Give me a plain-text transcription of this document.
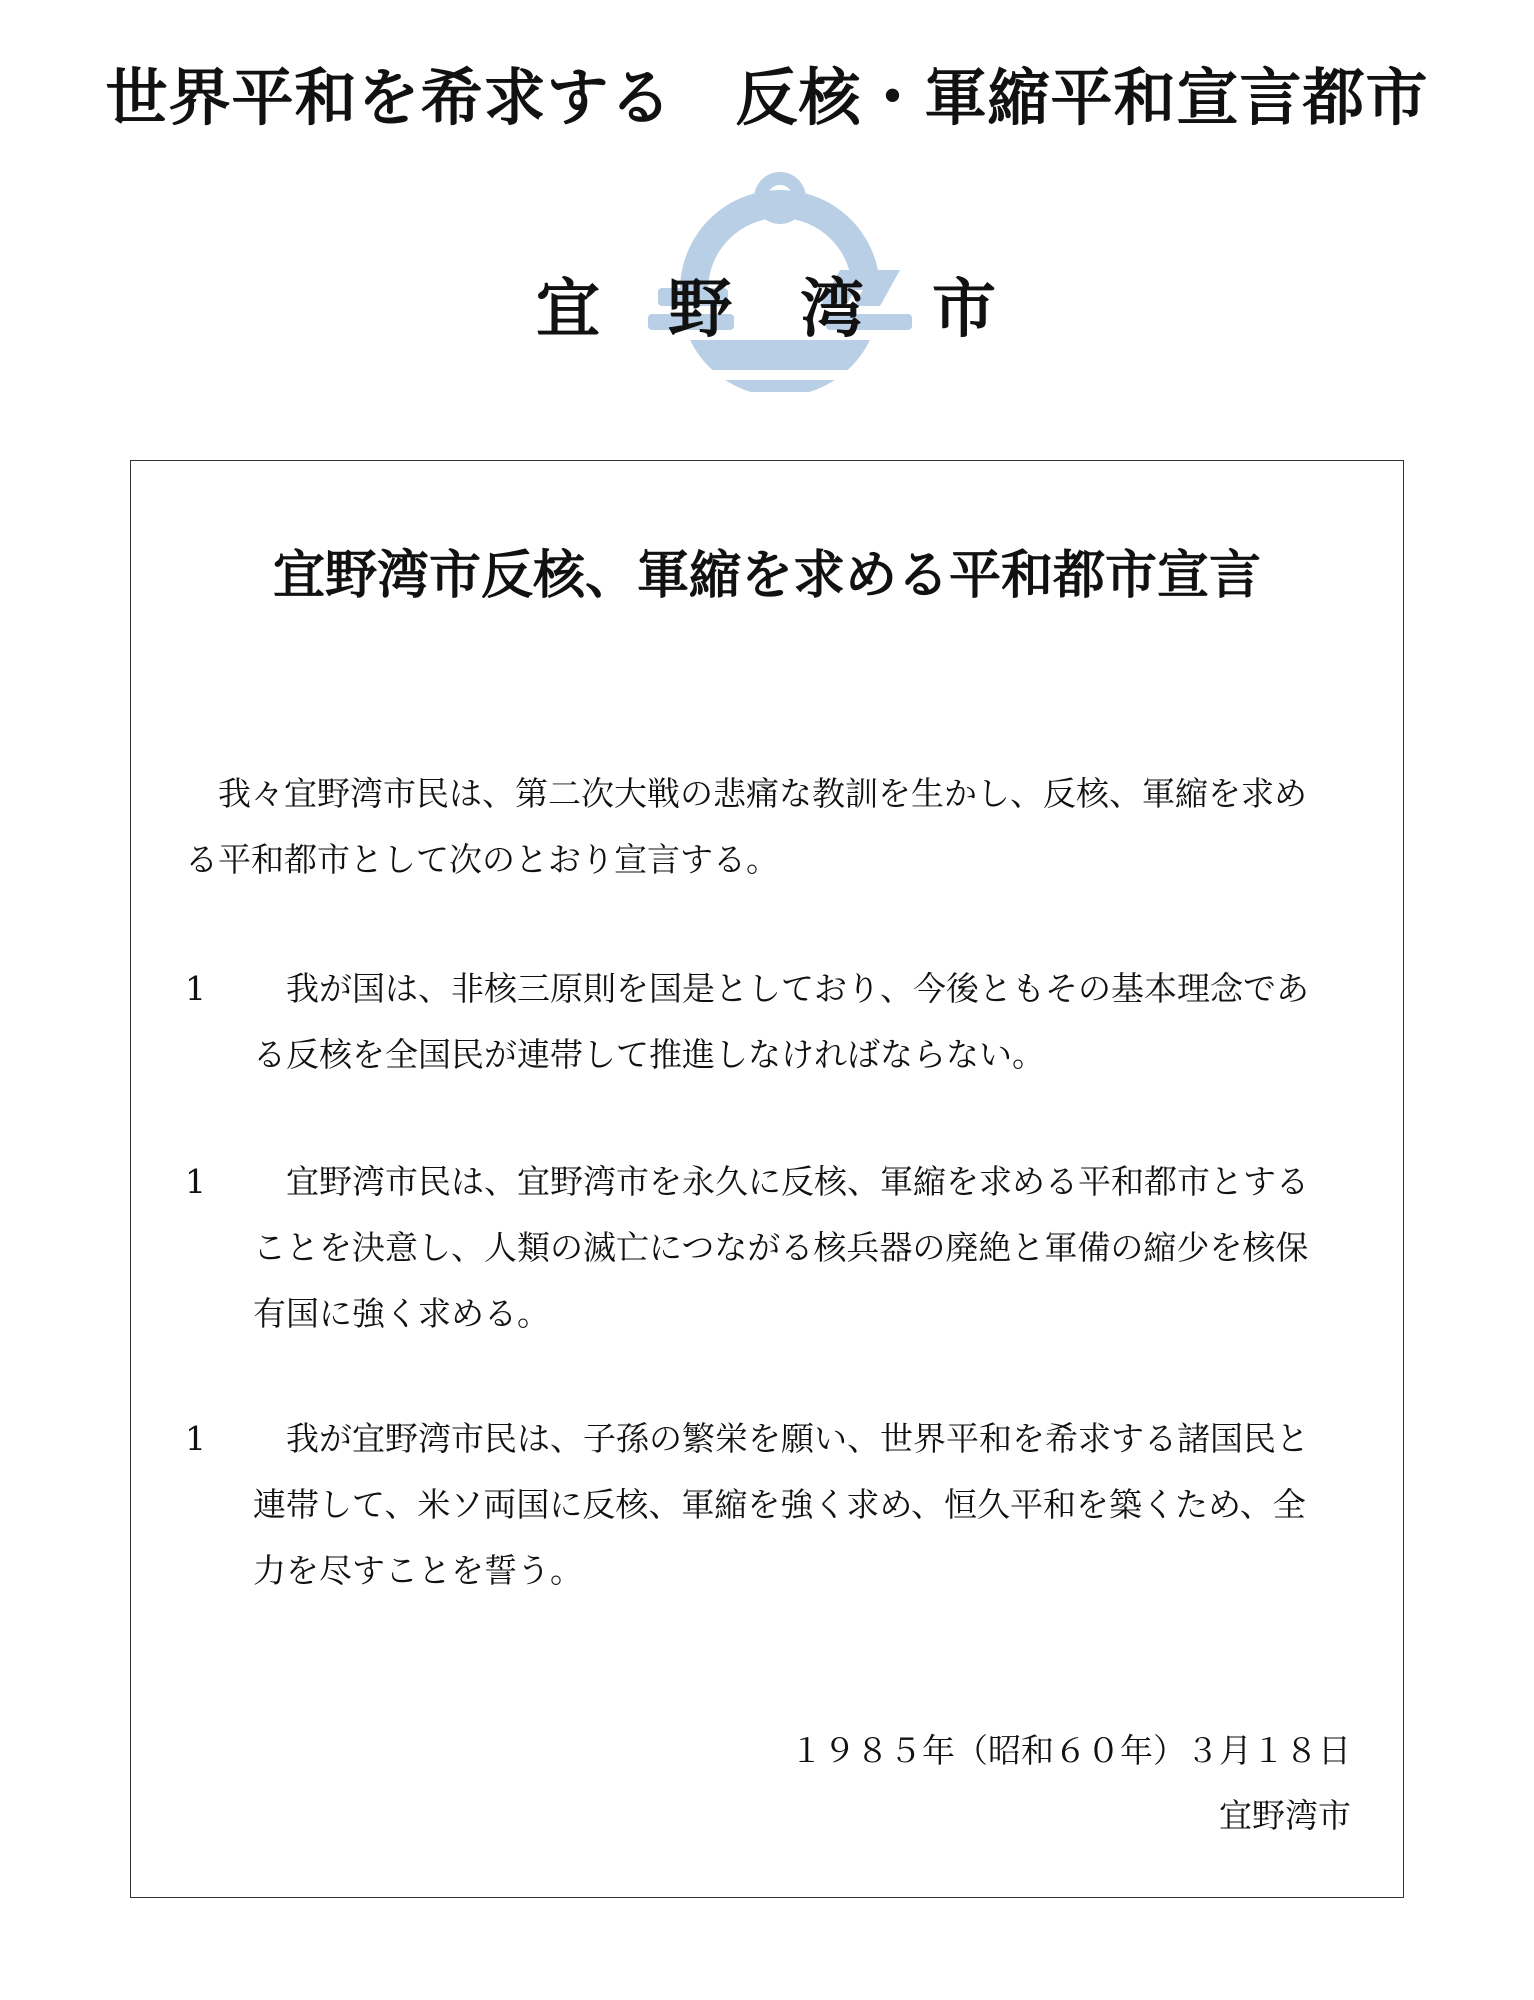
世界平和を希求する　反核・軍縮平和宣言都市
宜　野　湾　市
宜野湾市反核、軍縮を求める平和都市宣言

我々宜野湾市民は、第二次大戦の悲痛な教訓を生かし、反核、軍縮を求める平和都市として次のとおり宣言する。

1	我が国は、非核三原則を国是としており、今後ともその基本理念である反核を全国民が連帯して推進しなければならない。

1	宜野湾市民は、宜野湾市を永久に反核、軍縮を求める平和都市とすることを決意し、人類の滅亡につながる核兵器の廃絶と軍備の縮少を核保有国に強く求める。

1	我が宜野湾市民は、子孫の繁栄を願い、世界平和を希求する諸国民と連帯して、米ソ両国に反核、軍縮を強く求め、恒久平和を築くため、全力を尽すことを誓う。

１９８５年（昭和６０年）３月１８日
宜野湾市
